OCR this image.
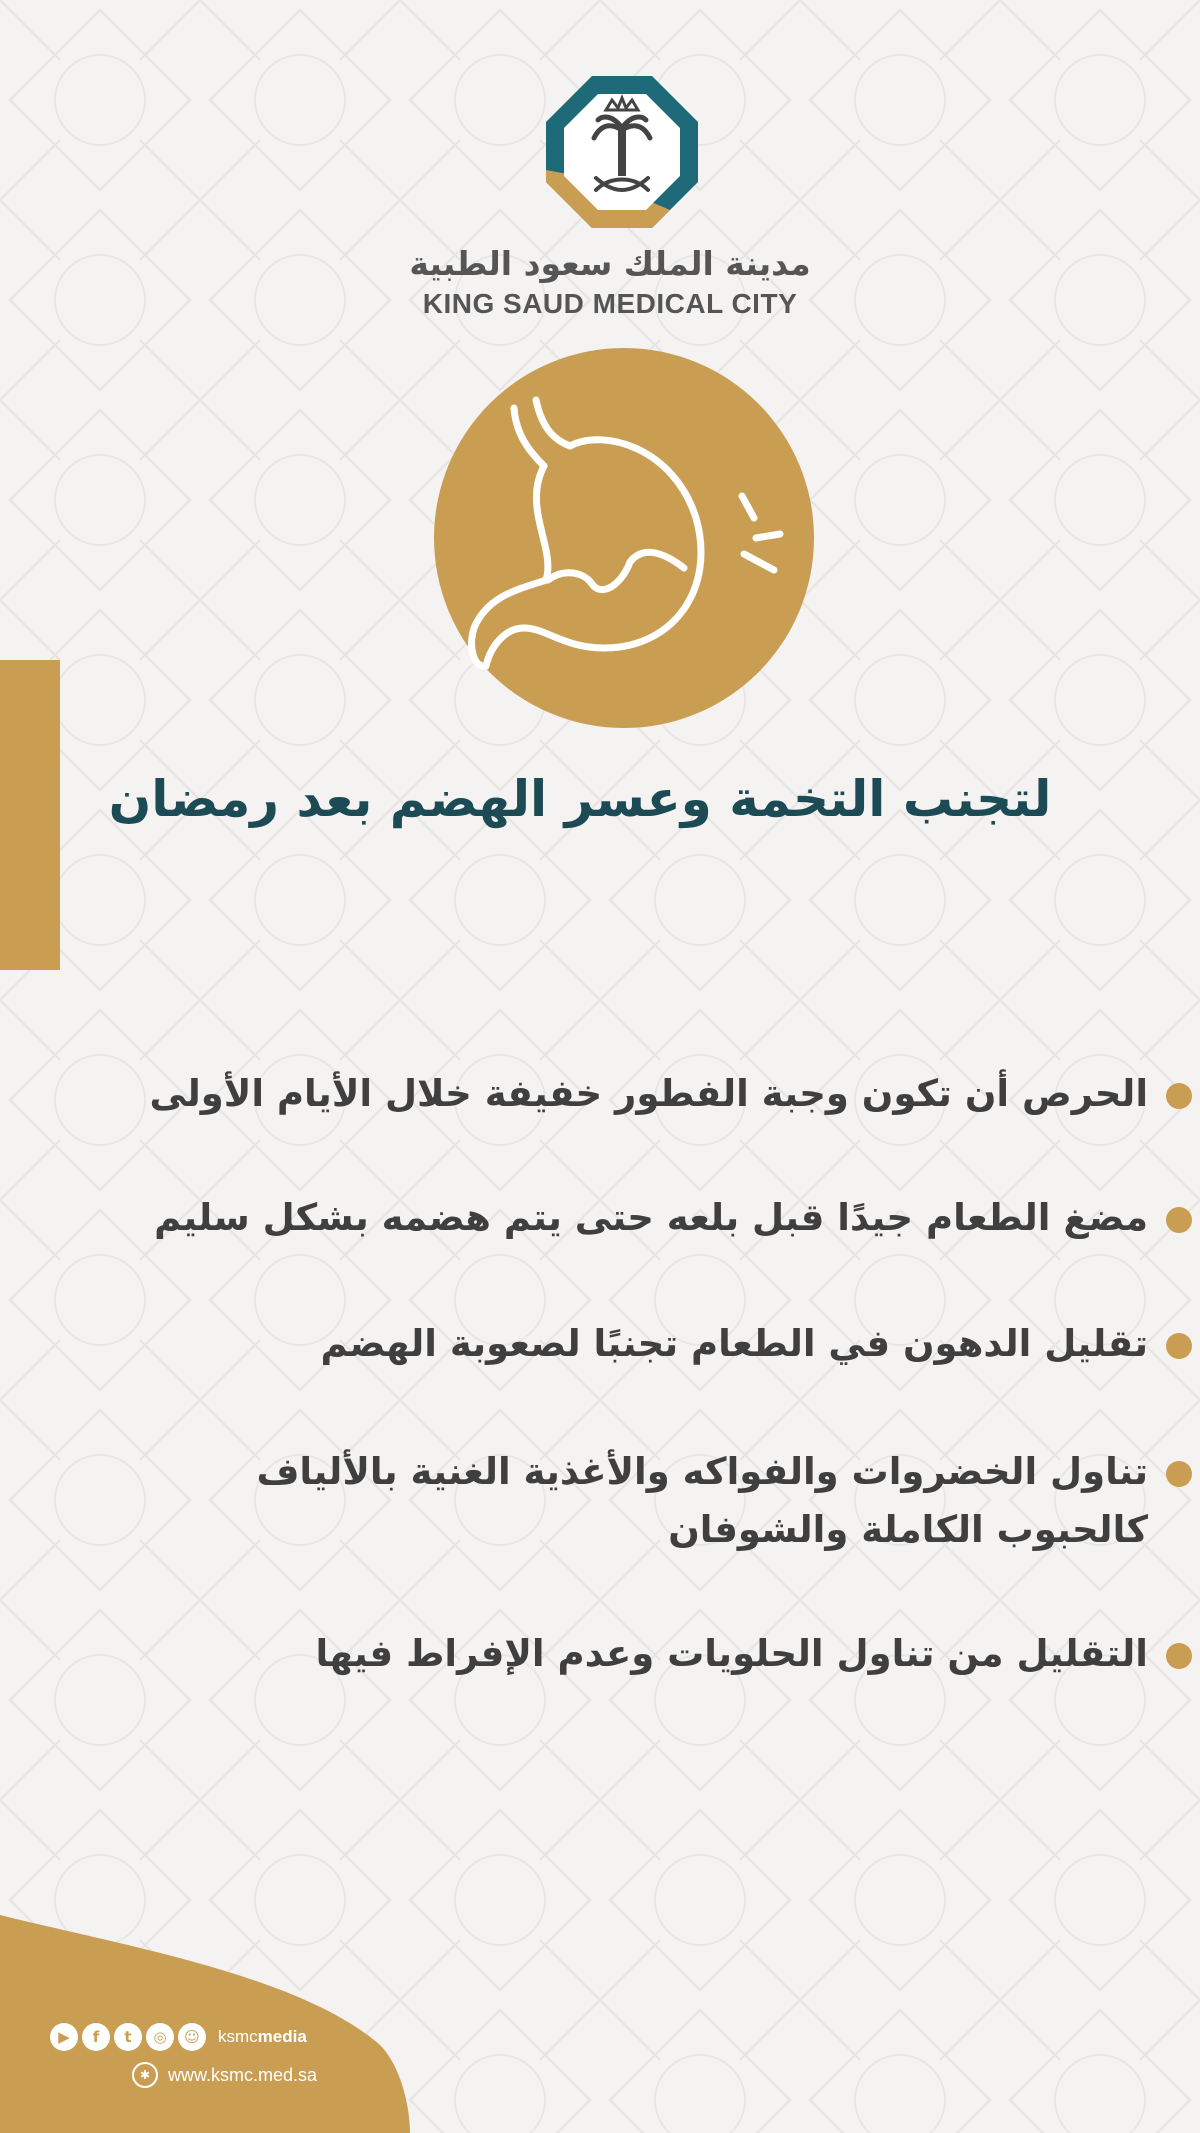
مدينة الملك سعود الطبية
KING SAUD MEDICAL CITY
لتجنب التخمة وعسر الهضم بعد رمضان
الحرص أن تكون وجبة الفطور خفيفة خلال الأيام الأولى
مضغ الطعام جيدًا قبل بلعه حتى يتم هضمه بشكل سليم
تقليل الدهون في الطعام تجنبًا لصعوبة الهضم
تناول الخضروات والفواكه والأغذية الغنية بالألياف
كالحبوب الكاملة والشوفان
التقليل من تناول الحلويات وعدم الإفراط فيها
▶	f	t	◎	☺	ksmcmedia
✱ www.ksmc.med.sa
